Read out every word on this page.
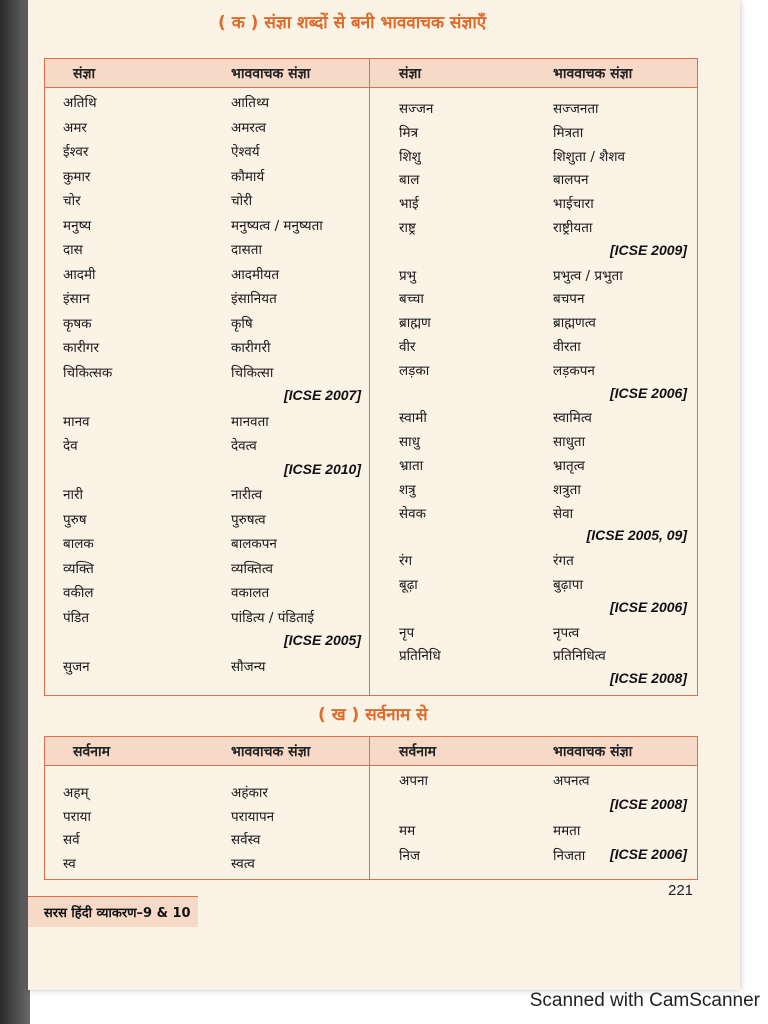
( क ) संज्ञा शब्दों से बनी भाववाचक संज्ञाएँ
संज्ञा	भाववाचक संज्ञा	संज्ञा	भाववाचक संज्ञा
अतिथि	आतिथ्य
अमर	अमरत्व
ईश्वर	ऐश्वर्य
कुमार	कौमार्य
चोर	चोरी
मनुष्य	मनुष्यत्व / मनुष्यता
दास	दासता
आदमी	आदमीयत
इंसान	इंसानियत
कृषक	कृषि
कारीगर	कारीगरी
चिकित्सक	चिकित्सा
[ICSE 2007]
मानव	मानवता
देव	देवत्व
[ICSE 2010]
नारी	नारीत्व
पुरुष	पुरुषत्व
बालक	बालकपन
व्यक्ति	व्यक्तित्व
वकील	वकालत
पंडित	पांडित्य / पंडिताई
[ICSE 2005]
सुजन	सौजन्य
सज्जन	सज्जनता
मित्र	मित्रता
शिशु	शिशुता / शैशव
बाल	बालपन
भाई	भाईचारा
राष्ट्र	राष्ट्रीयता
[ICSE 2009]
प्रभु	प्रभुत्व / प्रभुता
बच्चा	बचपन
ब्राह्मण	ब्राह्मणत्व
वीर	वीरता
लड़का	लड़कपन
[ICSE 2006]
स्वामी	स्वामित्व
साधु	साधुता
भ्राता	भ्रातृत्व
शत्रु	शत्रुता
सेवक	सेवा
[ICSE 2005, 09]
रंग	रंगत
बूढ़ा	बुढ़ापा
[ICSE 2006]
नृप	नृपत्व
प्रतिनिधि	प्रतिनिधित्व
[ICSE 2008]
( ख ) सर्वनाम से
सर्वनाम	भाववाचक संज्ञा	सर्वनाम	भाववाचक संज्ञा
अहम्	अहंकार
पराया	परायापन
सर्व	सर्वस्व
स्व	स्वत्व
अपना	अपनत्व
[ICSE 2008]
मम	ममता
निज	निजता [ICSE 2006]
221
सरस हिंदी व्याकरण–9 & 10
Scanned with CamScanner
